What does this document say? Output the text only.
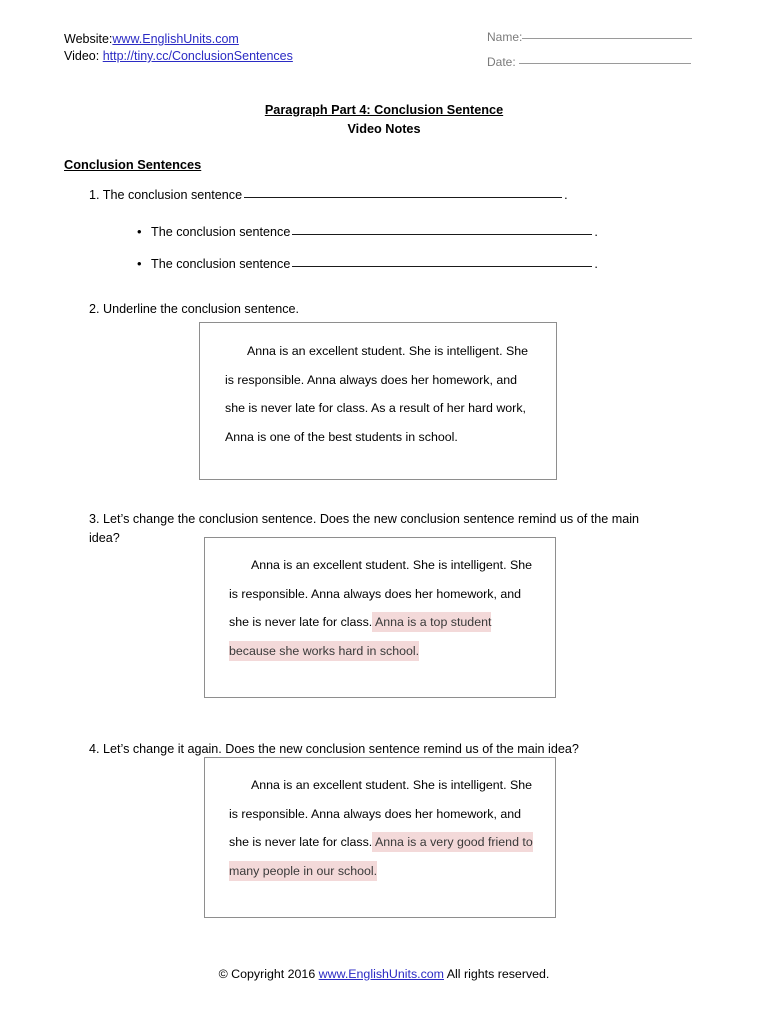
Website:www.EnglishUnits.com
Video: http://tiny.cc/ConclusionSentences
Name:
Date:
Paragraph Part 4: Conclusion Sentence
Video Notes
Conclusion Sentences
1. The conclusion sentence	.
• The conclusion sentence	.
• The conclusion sentence	.
2. Underline the conclusion sentence.

Anna is an excellent student. She is intelligent. She is responsible. Anna always does her homework, and she is never late for class. As a result of her hard work, Anna is one of the best students in school.

3. Let’s change the conclusion sentence. Does the new conclusion sentence remind us of the main idea?

Anna is an excellent student. She is intelligent. She is responsible. Anna always does her homework, and she is never late for class. Anna is a top student because she works hard in school.

4. Let’s change it again. Does the new conclusion sentence remind us of the main idea?

Anna is an excellent student. She is intelligent. She is responsible. Anna always does her homework, and she is never late for class. Anna is a very good friend to many people in our school.

© Copyright 2016 www.EnglishUnits.com All rights reserved.
